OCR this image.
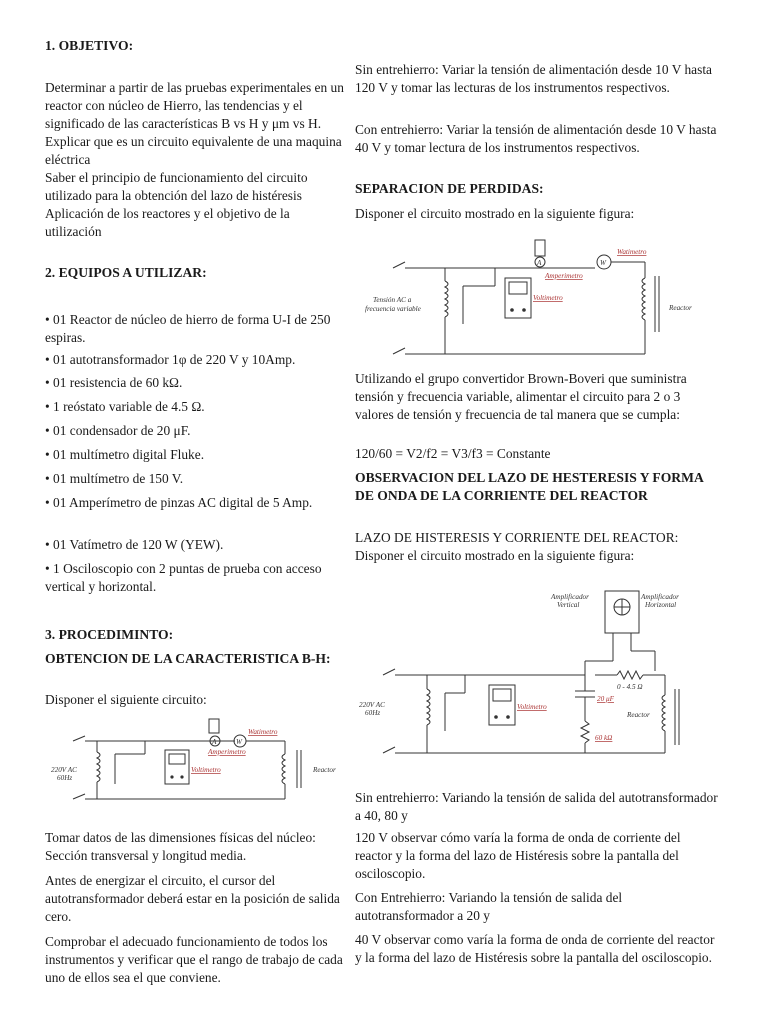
1. OBJETIVO:

Determinar a partir de las pruebas experimentales en un reactor con núcleo de Hierro, las tendencias y el significado de las características B vs H y μm vs H. Explicar que es un circuito equivalente de una maquina eléctrica

Saber el principio de funcionamiento del circuito utilizado para la obtención del lazo de histéresis

Aplicación de los reactores y el objetivo de la utilización

2. EQUIPOS A UTILIZAR:

• 01 Reactor de núcleo de hierro de forma U-I de 250 espiras.

• 01 autotransformador 1φ de 220 V y 10Amp.

• 01 resistencia de 60 kΩ.

• 1 reóstato variable de 4.5 Ω.

• 01 condensador de 20 μF.

• 01 multímetro digital Fluke.

• 01 multímetro de 150 V.

• 01 Amperímetro de pinzas AC digital de 5 Amp.

• 01 Vatímetro de 120 W (YEW).

• 1 Osciloscopio con 2 puntas de prueba con acceso vertical y horizontal.

3. PROCEDIMINTO:

OBTENCION DE LA CARACTERISTICA B-H:

Disponer el siguiente circuito:

Tomar datos de las dimensiones físicas del núcleo: Sección transversal y longitud media.

Antes de energizar el circuito, el cursor del autotransformador deberá estar en la posición de salida cero.

Comprobar el adecuado funcionamiento de todos los instrumentos y verificar que el rango de trabajo de cada uno de ellos sea el que conviene.

220V AC
60Hz
A	W
Watimetro
Amperimetro
Voltimetro	Reactor

Sin entrehierro: Variar la tensión de alimentación desde 10 V hasta 120 V y tomar las lecturas de los instrumentos respectivos.

Con entrehierro: Variar la tensión de alimentación desde 10 V hasta 40 V y tomar lectura de los instrumentos respectivos.

SEPARACION DE PERDIDAS:

Disponer el circuito mostrado en la siguiente figura:

Utilizando el grupo convertidor Brown-Boveri que suministra tensión y frecuencia variable, alimentar el circuito para 2 o 3 valores de tensión y frecuencia de tal manera que se cumpla:

120/60 = V2/f2 = V3/f3 = Constante

OBSERVACION DEL LAZO DE HESTERESIS Y FORMA DE ONDA DE LA CORRIENTE DEL REACTOR

LAZO DE HISTERESIS Y CORRIENTE DEL REACTOR: Disponer el circuito mostrado en la siguiente figura:

Sin entrehierro: Variando la tensión de salida del autotransformador a 40, 80 y

120 V observar cómo varía la forma de onda de corriente del reactor y la forma del lazo de Histéresis sobre la pantalla del osciloscopio.

Con Entrehierro: Variando la tensión de salida del autotransformador a 20 y

40 V observar como varía la forma de onda de corriente del reactor y la forma del lazo de Histéresis sobre la pantalla del osciloscopio.

Tensión AC a
frecuencia variable
A
Amperimetro
W
Watimetro
Voltimetro
Reactor
Amplificador
Vertical
Amplificador
Horizontal
220V AC
60Hz
Voltimetro
20 μF
60 kΩ
0 - 4.5 Ω
Reactor
